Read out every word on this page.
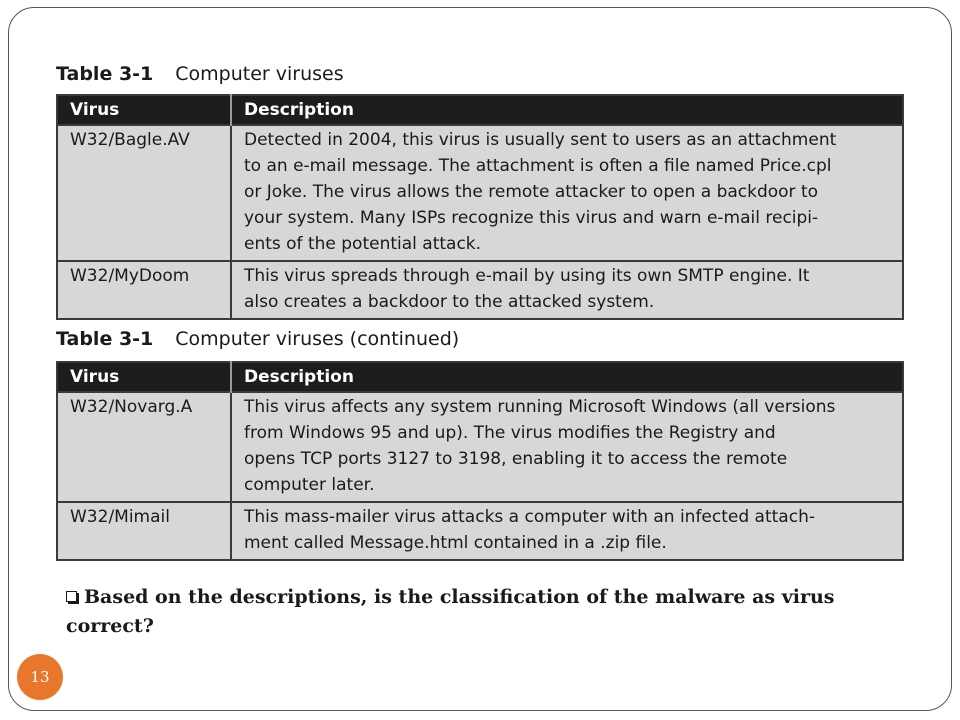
Table 3-1 Computer viruses
Virus	Description
W32/Bagle.AV	Detected in 2004, this virus is usually sent to users as an attachment
to an e-mail message. The attachment is often a file named Price.cpl
or Joke. The virus allows the remote attacker to open a backdoor to
your system. Many ISPs recognize this virus and warn e-mail recipi-
ents of the potential attack.

W32/MyDoom	This virus spreads through e-mail by using its own SMTP engine. It
also creates a backdoor to the attacked system.
Table 3-1 Computer viruses (continued)
Virus	Description
W32/Novarg.A	This virus affects any system running Microsoft Windows (all versions
from Windows 95 and up). The virus modifies the Registry and
opens TCP ports 3127 to 3198, enabling it to access the remote
computer later.

W32/Mimail	This mass-mailer virus attacks a computer with an infected attach-
ment called Message.html contained in a .zip file.
Based on the descriptions, is the classification of the malware as virus correct?
13
